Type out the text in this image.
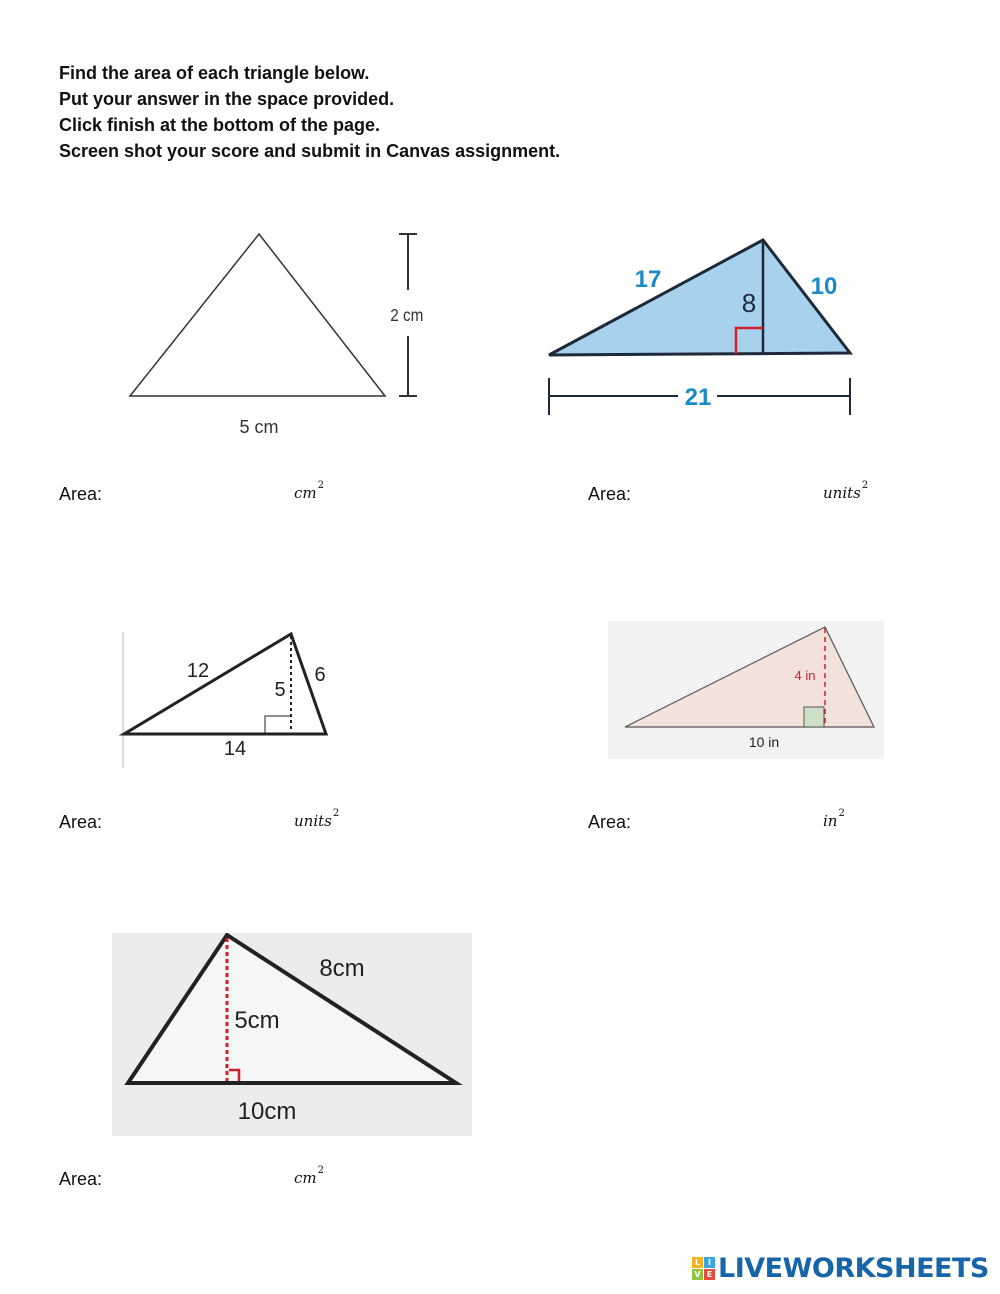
Find the area of each triangle below.

Put your answer in the space provided.

Click finish at the bottom of the page.

Screen shot your score and submit in Canvas assignment.

2 cm
5 cm
Area:	$cm^2$
17	10
8
21
Area:	units$^2$
12	6
5
14
Area:	units$^2$
4 in
10 in
Area:	$in^2$
8cm
5cm
10cm
Area:	$cm^2$
L I
V E LIVEWORKSHEETS
